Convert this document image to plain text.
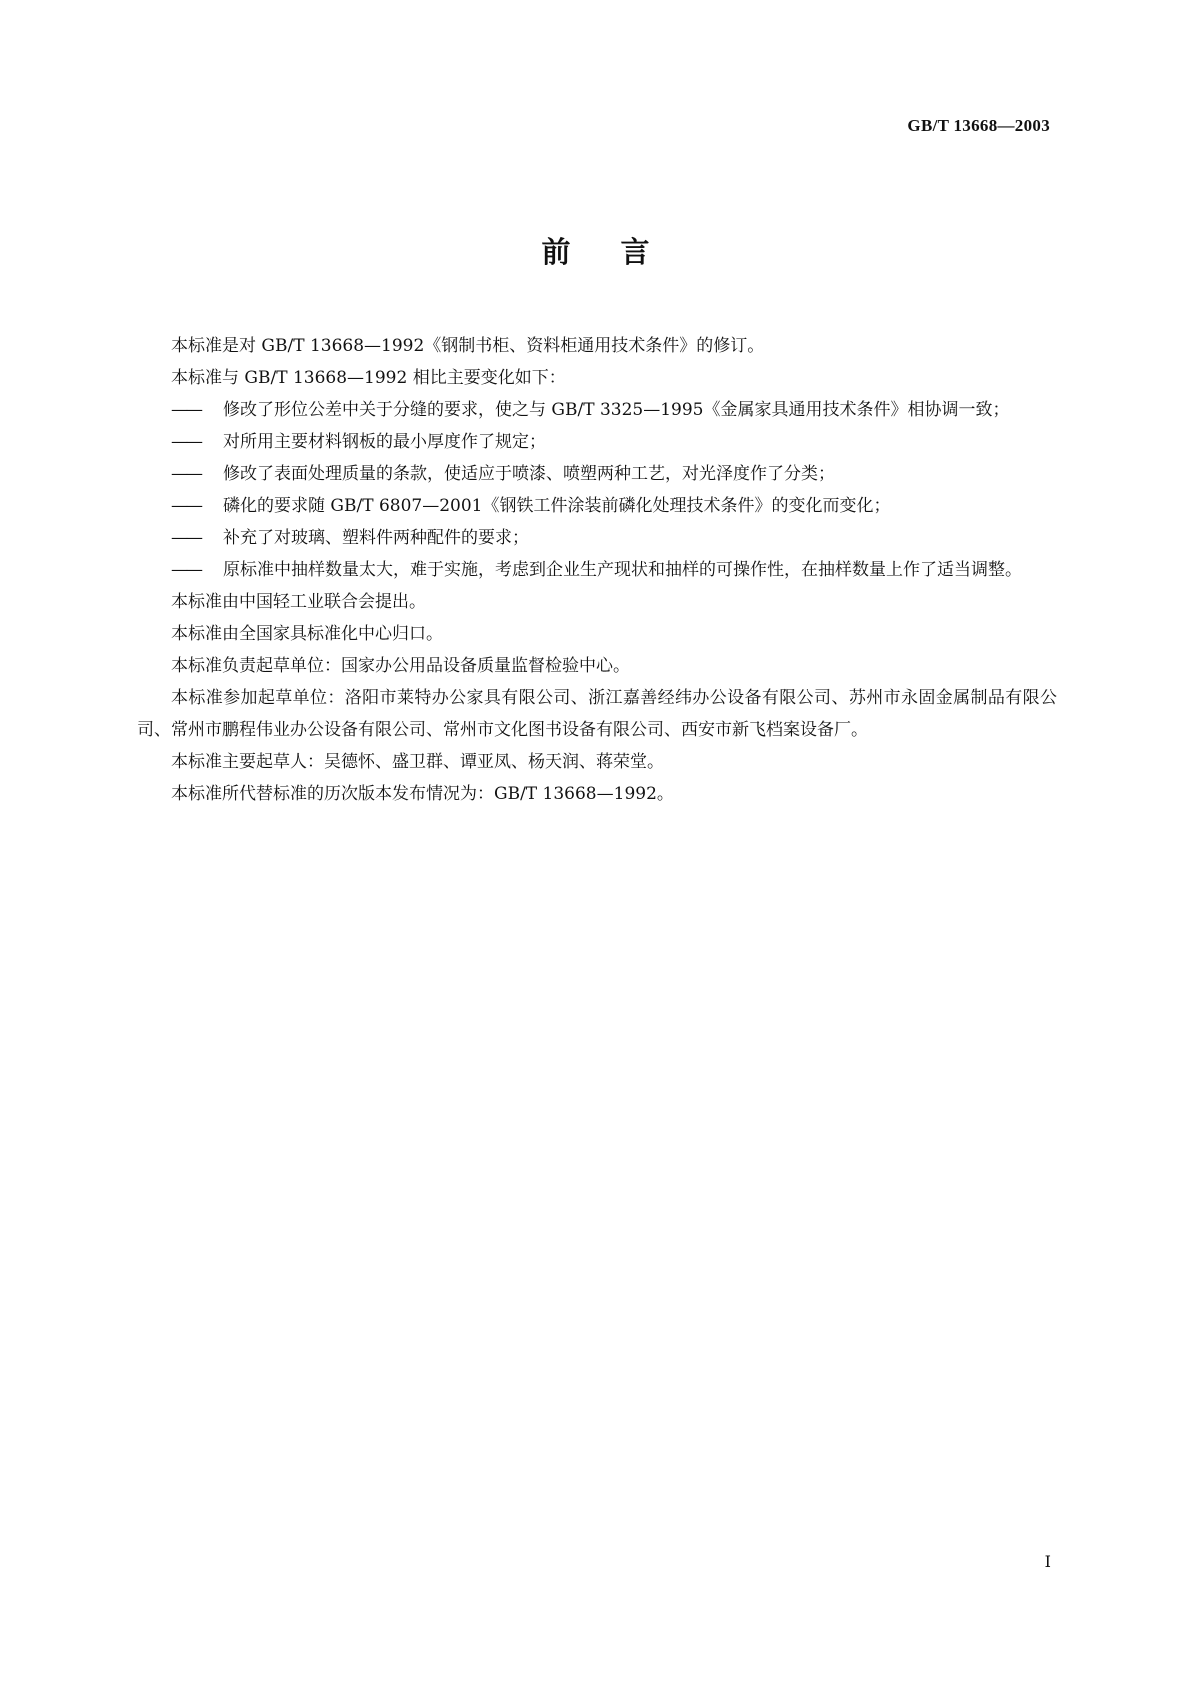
GB/T 13668—2003
前言

本标准是对 GB/T 13668—1992《钢制书柜、资料柜通用技术条件》的修订。

本标准与 GB/T 13668—1992 相比主要变化如下：

—— 修改了形位公差中关于分缝的要求，使之与 GB/T 3325—1995《金属家具通用技术条件》相协调一致；

—— 对所用主要材料钢板的最小厚度作了规定；

—— 修改了表面处理质量的条款，使适应于喷漆、喷塑两种工艺，对光泽度作了分类；

—— 磷化的要求随 GB/T 6807—2001《钢铁工件涂装前磷化处理技术条件》的变化而变化；

—— 补充了对玻璃、塑料件两种配件的要求；

—— 原标准中抽样数量太大，难于实施，考虑到企业生产现状和抽样的可操作性，在抽样数量上作了适当调整。

本标准由中国轻工业联合会提出。

本标准由全国家具标准化中心归口。

本标准负责起草单位：国家办公用品设备质量监督检验中心。

本标准参加起草单位：洛阳市莱特办公家具有限公司、浙江嘉善经纬办公设备有限公司、苏州市永固金属制品有限公司、常州市鹏程伟业办公设备有限公司、常州市文化图书设备有限公司、西安市新飞档案设备厂。

本标准主要起草人：吴德怀、盛卫群、谭亚凤、杨天润、蒋荣堂。

本标准所代替标准的历次版本发布情况为：GB/T 13668—1992。

I
